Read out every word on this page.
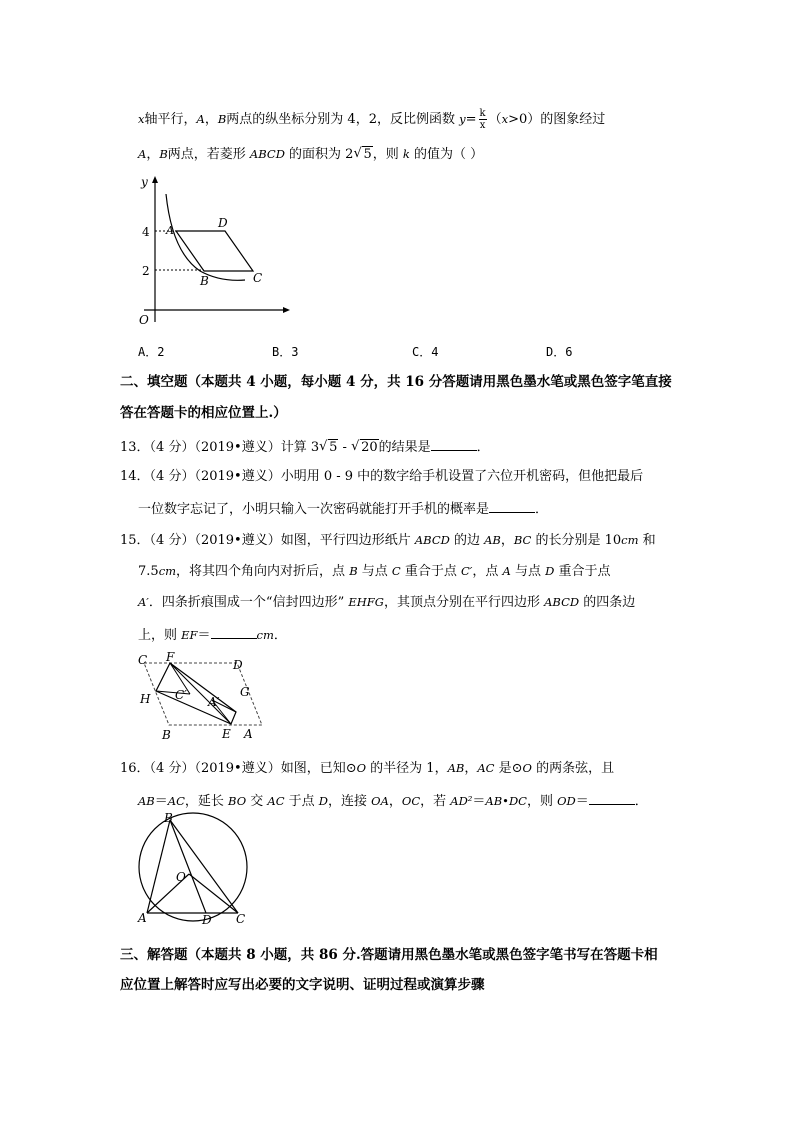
x轴平行，A，B两点的纵坐标分别为 4，2，反比例函数 $y= \frac{k}{x} (x>0)$的图象经过
A，B两点，若菱形 ABCD 的面积为 2 √ 5，则 k 的值为（ ）
y
4
2
O
A
D
B	C
A．2	B．3	C．4	D．6
二、填空题（本题共 4 小题，每小题 4 分，共 16 分答题请用黑色墨水笔或黑色签字笔直接
答在答题卡的相应位置上.）
13．（4 分）（2019•遵义）计算 3 √ 5 - √ 20的结果是	．
14．（4 分）（2019•遵义）小明用 0 - 9 中的数字给手机设置了六位开机密码，但他把最后
一位数字忘记了，小明只输入一次密码就能打开手机的概率是	．
15．（4 分）（2019•遵义）如图，平行四边形纸片 ABCD 的边 AB，BC 的长分别是 10cm 和
7.5cm，将其四个角向内对折后，点 B 与点 C 重合于点 C′，点 A 与点 D 重合于点
A′．四条折痕围成一个“信封四边形” EHFG，其顶点分别在平行四边形 ABCD 的四条边
上，则 EF＝	cm．
C F
D
H C′ A′
G
B	E A
16．（4 分）（2019•遵义）如图，已知⊙O 的半径为 1，AB，AC 是⊙O 的两条弦，且
AB＝AC，延长 BO 交 AC 于点 D，连接 OA，OC，若 AD²＝AB•DC，则 OD＝	．
B
O
A	D C
三、解答题（本题共 8 小题，共 86 分.答题请用黑色墨水笔或黑色签字笔书写在答题卡相
应位置上解答时应写出必要的文字说明、证明过程或演算步骤
